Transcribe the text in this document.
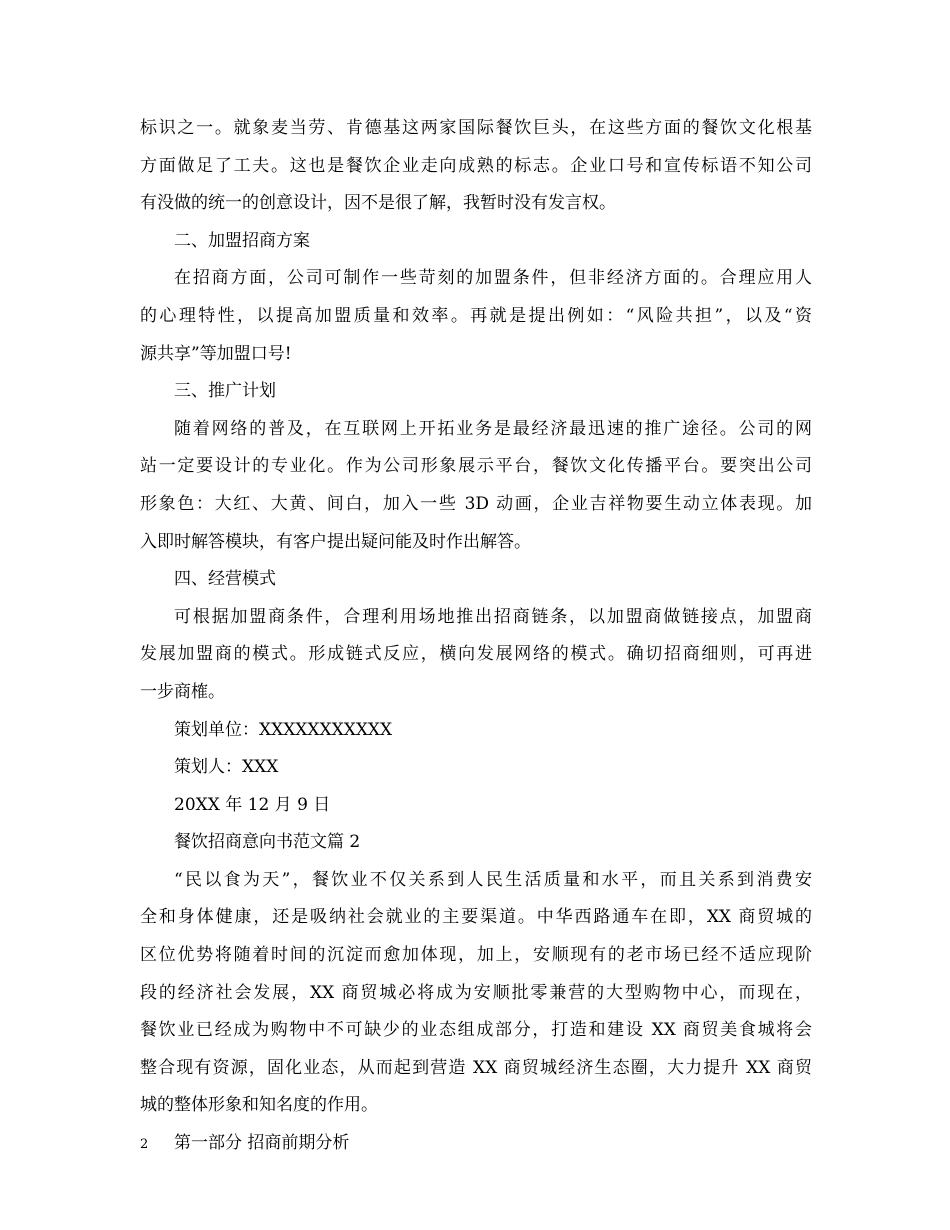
标识之一。就象麦当劳、肯德基这两家国际餐饮巨头，在这些方面的餐饮文化根基
方面做足了工夫。这也是餐饮企业走向成熟的标志。企业口号和宣传标语不知公司
有没做的统一的创意设计，因不是很了解，我暂时没有发言权。
二、加盟招商方案
在招商方面，公司可制作一些苛刻的加盟条件，但非经济方面的。合理应用人
的心理特性，以提高加盟质量和效率。再就是提出例如：“风险共担”，以及“资
源共享”等加盟口号!
三、推广计划
随着网络的普及，在互联网上开拓业务是最经济最迅速的推广途径。公司的网
站一定要设计的专业化。作为公司形象展示平台，餐饮文化传播平台。要突出公司
形象色：大红、大黄、间白，加入一些 3D 动画，企业吉祥物要生动立体表现。加
入即时解答模块，有客户提出疑问能及时作出解答。
四、经营模式
可根据加盟商条件，合理利用场地推出招商链条，以加盟商做链接点，加盟商
发展加盟商的模式。形成链式反应，横向发展网络的模式。确切招商细则，可再进
一步商榷。
策划单位：XXXXXXXXXXX
策划人：XXX
20XX 年 12 月 9 日
餐饮招商意向书范文篇 2
“民以食为天”，餐饮业不仅关系到人民生活质量和水平，而且关系到消费安
全和身体健康，还是吸纳社会就业的主要渠道。中华西路通车在即，XX 商贸城的
区位优势将随着时间的沉淀而愈加体现，加上，安顺现有的老市场已经不适应现阶
段的经济社会发展，XX 商贸城必将成为安顺批零兼营的大型购物中心，而现在，
餐饮业已经成为购物中不可缺少的业态组成部分，打造和建设 XX 商贸美食城将会
整合现有资源，固化业态，从而起到营造 XX 商贸城经济生态圈，大力提升 XX 商贸
城的整体形象和知名度的作用。
第一部分 招商前期分析
2
